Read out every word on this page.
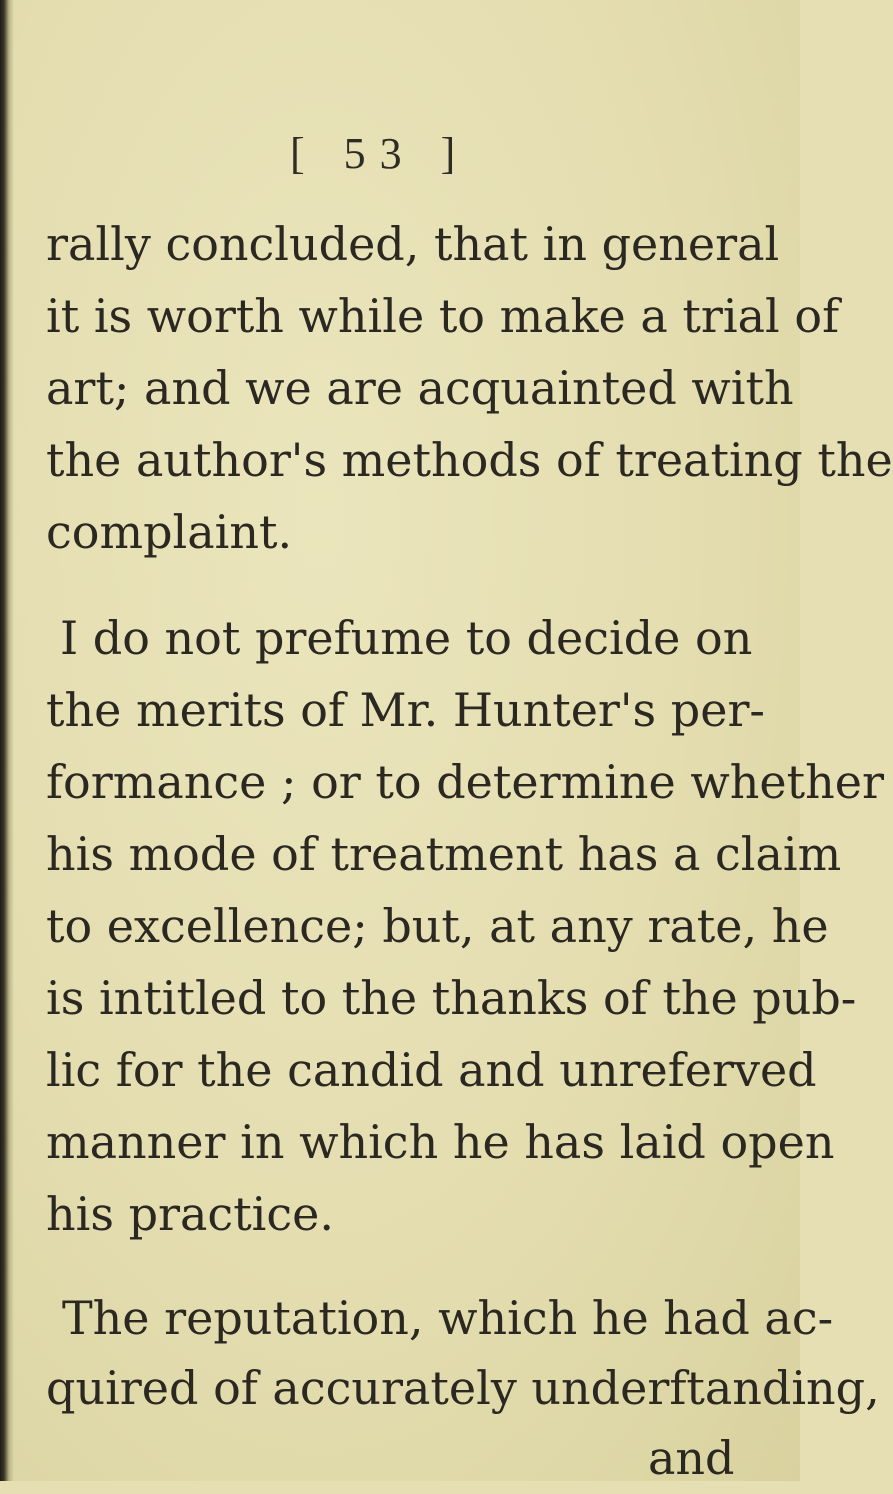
[ 53 ]
rally concluded, that in general
it is worth while to make a trial of
art; and we are acquainted with
the author's methods of treating the
complaint.
I do not prefume to decide on
the merits of Mr. Hunter's per-
formance ; or to determine whether
his mode of treatment has a claim
to excellence; but, at any rate, he
is intitled to the thanks of the pub-
lic for the candid and unreferved
manner in which he has laid open
his practice.
The reputation, which he had ac-
quired of accurately underftanding,
and
